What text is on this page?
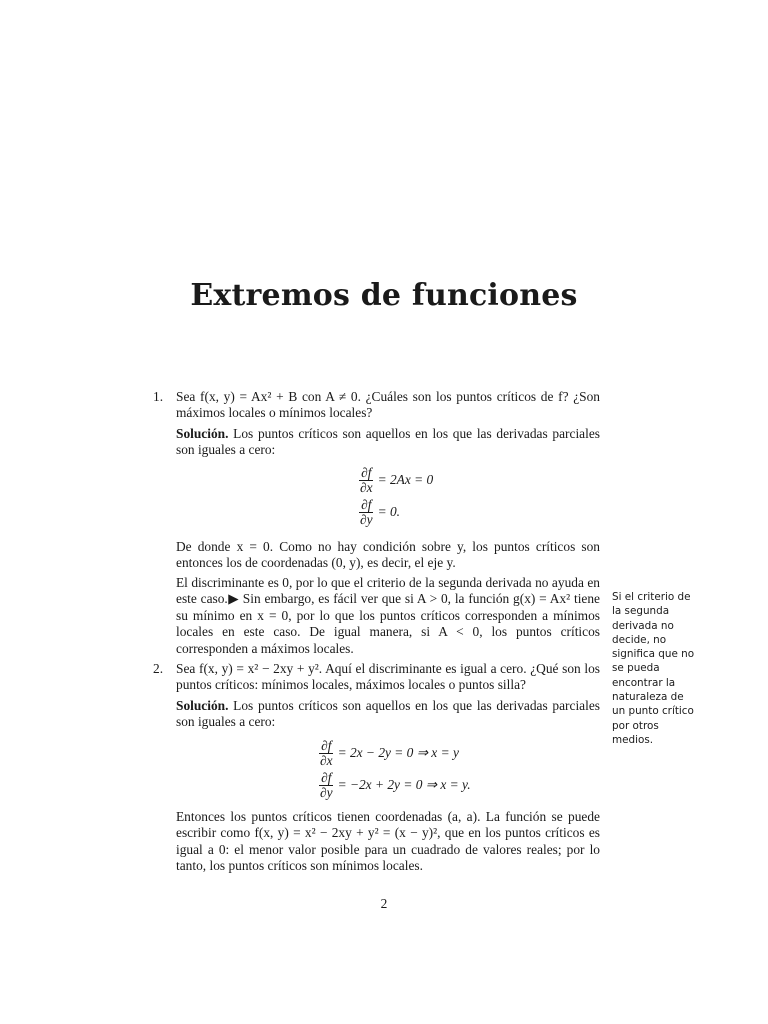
Extremos de funciones
1. Sea f(x, y) = Ax² + B con A ≠ 0. ¿Cuáles son los puntos críticos de f? ¿Son máximos locales o mínimos locales?

Solución. Los puntos críticos son aquellos en los que las derivadas parciales son iguales a cero:

$\frac{\partial f}{\partial x} = 2Ax = 0$
$\frac{\partial f}{\partial y} = 0$.

De donde x = 0. Como no hay condición sobre y, los puntos críticos son entonces los de coordenadas (0, y), es decir, el eje y.

El discriminante es 0, por lo que el criterio de la segunda derivada no ayuda en este caso.▶ Sin embargo, es fácil ver que si A > 0, la función g(x) = Ax² tiene su mínimo en x = 0, por lo que los puntos críticos corresponden a mínimos locales en este caso. De igual manera, si A < 0, los puntos críticos corresponden a máximos locales.

2. Sea f(x, y) = x² − 2xy + y². Aquí el discriminante es igual a cero. ¿Qué son los puntos críticos: mínimos locales, máximos locales o puntos silla?

Solución. Los puntos críticos son aquellos en los que las derivadas parciales son iguales a cero:

$\frac{\partial f}{\partial x} = 2x - 2y = 0$ ⇒ x = y
$\frac{\partial f}{\partial y} = -2x + 2y = 0$ ⇒ x = y.

Entonces los puntos críticos tienen coordenadas (a, a). La función se puede escribir como f(x, y) = x² − 2xy + y² = (x − y)², que en los puntos críticos es igual a 0: el menor valor posible para un cuadrado de valores reales; por lo tanto, los puntos críticos son mínimos locales.

Si el criterio de la segunda derivada no decide, no significa que no se pueda encontrar la naturaleza de un punto crítico por otros medios.
2
